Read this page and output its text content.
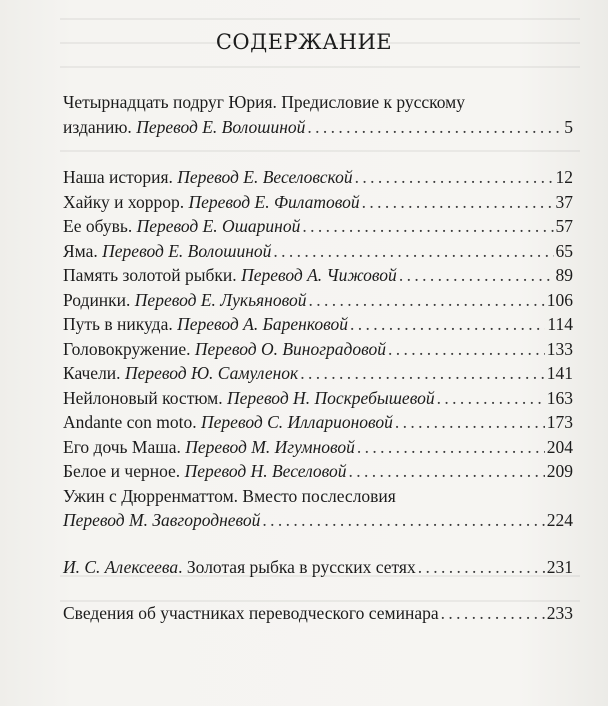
СОДЕРЖАНИЕ
Четырнадцать подруг Юрия. Предисловие к русскому
изданию. Перевод Е. Волошиной . . .	5
Наша история. Перевод Е. Веселовской . . .	12
Хайку и хоррор. Перевод Е. Филатовой . . .	37
Ее обувь. Перевод Е. Ошариной . . .	57
Яма. Перевод Е. Волошиной . . .	65
Память золотой рыбки. Перевод А. Чижовой . . .	89
Родинки. Перевод Е. Лукьяновой . . .	106
Путь в никуда. Перевод А. Баренковой . . .	114
Головокружение. Перевод О. Виноградовой . . .	133
Качели. Перевод Ю. Самуленок . . .	141
Нейлоновый костюм. Перевод Н. Поскребышевой . . .	163
Andante con moto. Перевод С. Илларионовой . . .	173
Его дочь Маша. Перевод М. Игумновой . . .	204
Белое и черное. Перевод Н. Веселовой . . .	209
Ужин с Дюрренматтом. Вместо послесловия
Перевод М. Завгородневой . . .	224
И. С. Алексеева. Золотая рыбка в русских сетях . . .	231
Сведения об участниках переводческого семинара . . .	233
